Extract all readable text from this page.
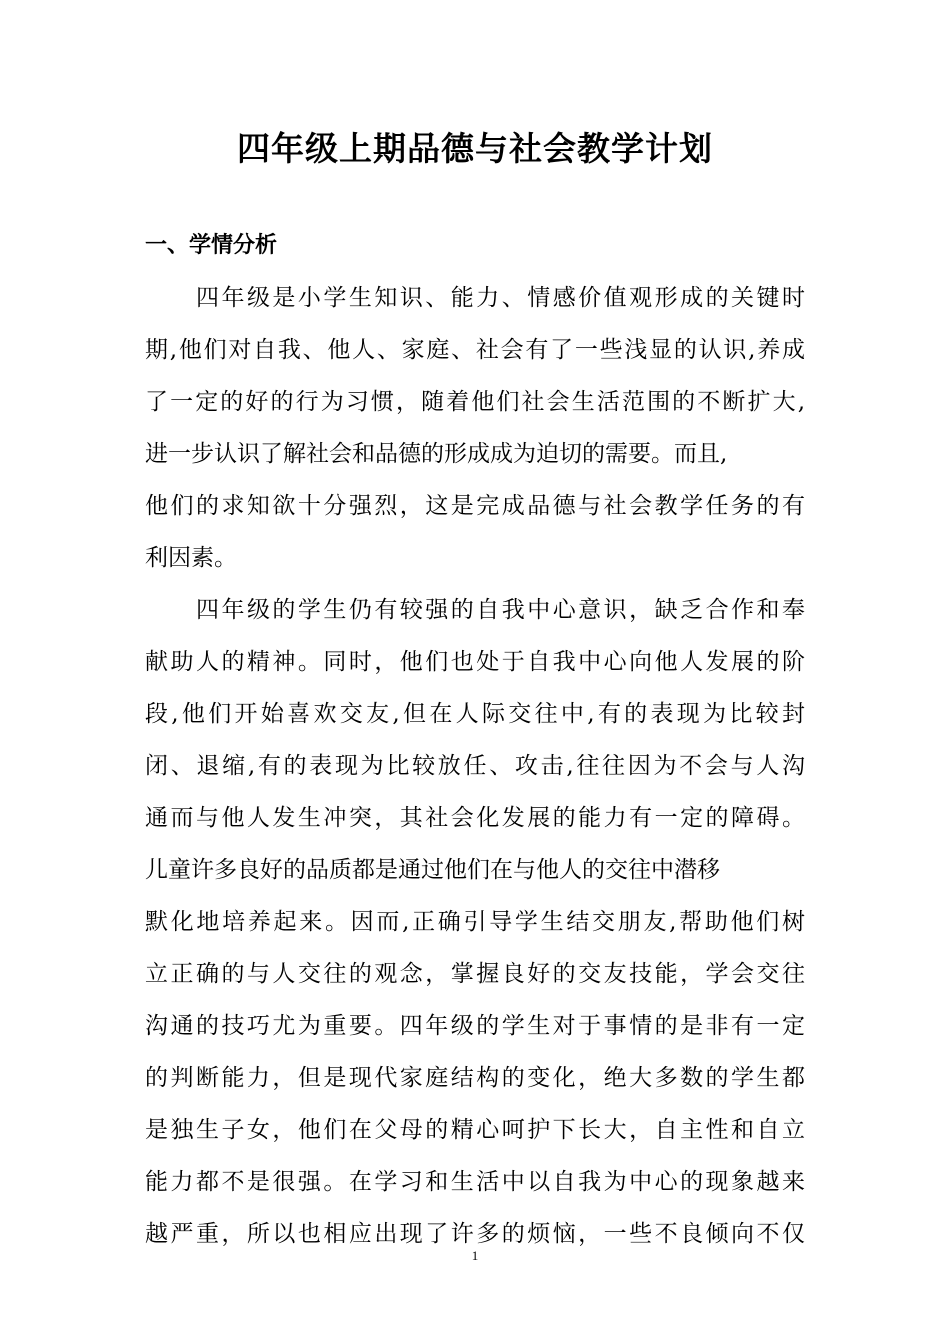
四年级上期品德与社会教学计划
一、学情分析
四年级是小学生知识、能力、情感价值观形成的关键时
期,他们对自我、他人、家庭、社会有了一些浅显的认识,养成
了一定的好的行为习惯，随着他们社会生活范围的不断扩大,
进一步认识了解社会和品德的形成成为迫切的需要。而且,
他们的求知欲十分强烈，这是完成品德与社会教学任务的有
利因素。
四年级的学生仍有较强的自我中心意识，缺乏合作和奉
献助人的精神。同时，他们也处于自我中心向他人发展的阶
段,他们开始喜欢交友,但在人际交往中,有的表现为比较封
闭、退缩,有的表现为比较放任、攻击,往往因为不会与人沟
通而与他人发生冲突，其社会化发展的能力有一定的障碍。
儿童许多良好的品质都是通过他们在与他人的交往中潜移
默化地培养起来。因而,正确引导学生结交朋友,帮助他们树
立正确的与人交往的观念，掌握良好的交友技能，学会交往
沟通的技巧尤为重要。四年级的学生对于事情的是非有一定
的判断能力，但是现代家庭结构的变化，绝大多数的学生都
是独生子女，他们在父母的精心呵护下长大，自主性和自立
能力都不是很强。在学习和生活中以自我为中心的现象越来
越严重，所以也相应出现了许多的烦恼，一些不良倾向不仅
1
